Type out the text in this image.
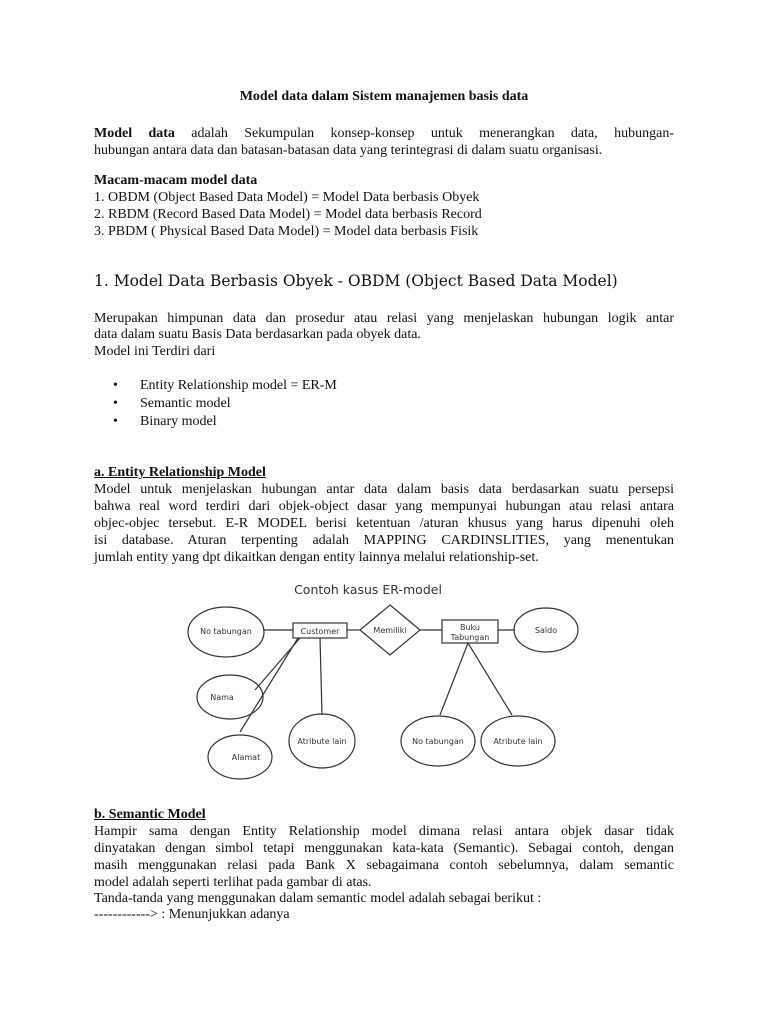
Model data dalam Sistem manajemen basis data
Model data adalah Sekumpulan konsep-konsep untuk menerangkan data, hubungan-
hubungan antara data dan batasan-batasan data yang terintegrasi di dalam suatu organisasi.
Macam-macam model data
1. OBDM (Object Based Data Model) = Model Data berbasis Obyek
2. RBDM (Record Based Data Model) = Model data berbasis Record
3. PBDM ( Physical Based Data Model) = Model data berbasis Fisik
1. Model Data Berbasis Obyek - OBDM (Object Based Data Model)
Merupakan himpunan data dan prosedur atau relasi yang menjelaskan hubungan logik antar
data dalam suatu Basis Data berdasarkan pada obyek data.
Model ini Terdiri dari
• Entity Relationship model = ER-M
• Semantic model
• Binary model
a. Entity Relationship Model
Model untuk menjelaskan hubungan antar data dalam basis data berdasarkan suatu persepsi
bahwa real word terdiri dari objek-object dasar yang mempunyai hubungan atau relasi antara
objec-objec tersebut. E-R MODEL berisi ketentuan /aturan khusus yang harus dipenuhi oleh
isi database. Aturan terpenting adalah MAPPING CARDINSLITIES, yang menentukan
jumlah entity yang dpt dikaitkan dengan entity lainnya melalui relationship-set.
Contoh kasus ER-model
Customer	Memiliki	Buku
Tabungan
No tabungan	Saldo
Nama
Alamat
Atribute lain	No tabungan	Atribute lain
b. Semantic Model
Hampir sama dengan Entity Relationship model dimana relasi antara objek dasar tidak
dinyatakan dengan simbol tetapi menggunakan kata-kata (Semantic). Sebagai contoh, dengan
masih menggunakan relasi pada Bank X sebagaimana contoh sebelumnya, dalam semantic
model adalah seperti terlihat pada gambar di atas.
Tanda-tanda yang menggunakan dalam semantic model adalah sebagai berikut :
------------> : Menunjukkan adanya
